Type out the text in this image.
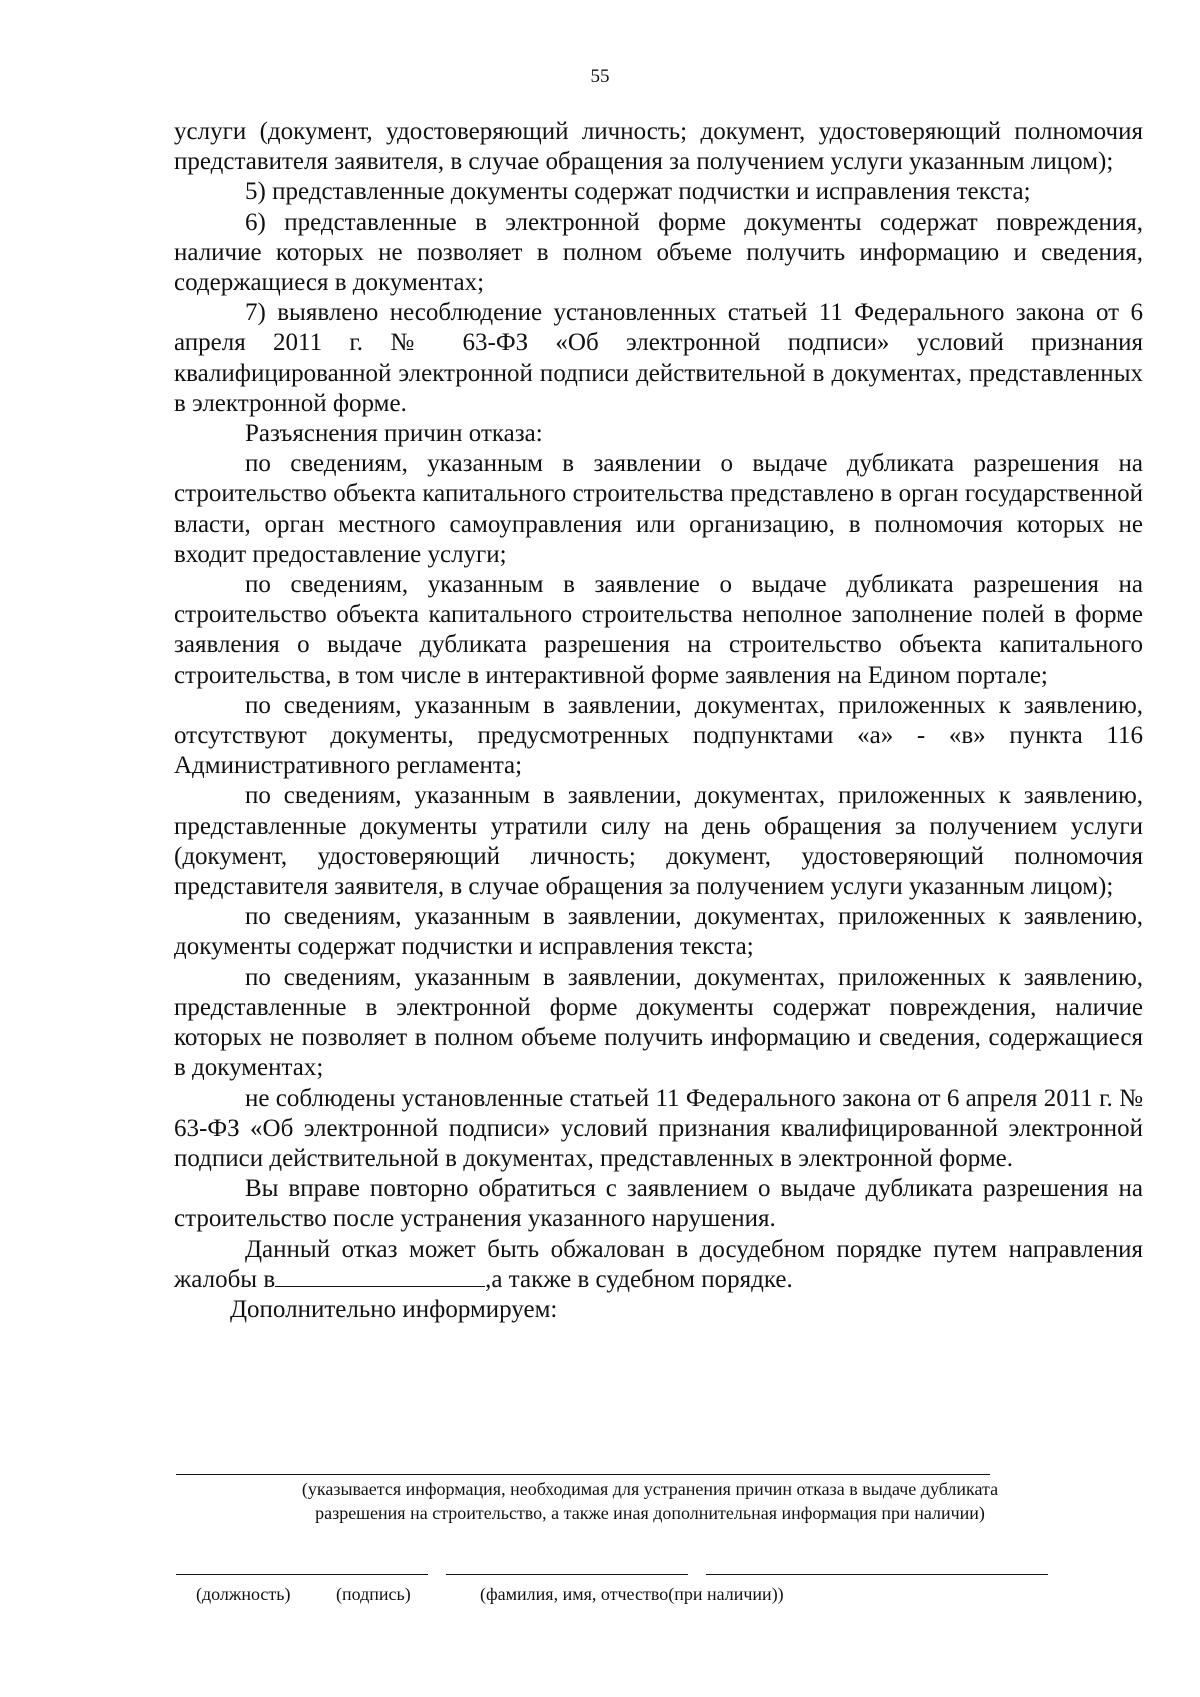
55

услуги (документ, удостоверяющий личность; документ, удостоверяющий полномочия представителя заявителя, в случае обращения за получением услуги указанным лицом);

5) представленные документы содержат подчистки и исправления текста;

6) представленные в электронной форме документы содержат повреждения, наличие которых не позволяет в полном объеме получить информацию и сведения, содержащиеся в документах;

7) выявлено несоблюдение установленных статьей 11 Федерального закона от 6 апреля 2011 г. № 63-ФЗ «Об электронной подписи» условий признания квалифицированной электронной подписи действительной в документах, представленных в электронной форме.

Разъяснения причин отказа:

по сведениям, указанным в заявлении о выдаче дубликата разрешения на строительство объекта капитального строительства представлено в орган государственной власти, орган местного самоуправления или организацию, в полномочия которых не входит предоставление услуги;

по сведениям, указанным в заявление о выдаче дубликата разрешения на строительство объекта капитального строительства неполное заполнение полей в форме заявления о выдаче дубликата разрешения на строительство объекта капитального строительства, в том числе в интерактивной форме заявления на Едином портале;

по сведениям, указанным в заявлении, документах, приложенных к заявлению, отсутствуют документы, предусмотренных подпунктами «а» - «в» пункта 116 Административного регламента;

по сведениям, указанным в заявлении, документах, приложенных к заявлению, представленные документы утратили силу на день обращения за получением услуги (документ, удостоверяющий личность; документ, удостоверяющий полномочия представителя заявителя, в случае обращения за получением услуги указанным лицом);

по сведениям, указанным в заявлении, документах, приложенных к заявлению, документы содержат подчистки и исправления текста;

по сведениям, указанным в заявлении, документах, приложенных к заявлению, представленные в электронной форме документы содержат повреждения, наличие которых не позволяет в полном объеме получить информацию и сведения, содержащиеся в документах;

не соблюдены установленные статьей 11 Федерального закона от 6 апреля 2011 г. № 63-ФЗ «Об электронной подписи» условий признания квалифицированной электронной подписи действительной в документах, представленных в электронной форме.

Вы вправе повторно обратиться с заявлением о выдаче дубликата разрешения на строительство после устранения указанного нарушения.

Данный отказ может быть обжалован в досудебном порядке путем направления жалобы в	,а также в судебном порядке.

Дополнительно информируем:

(указывается информация, необходимая для устранения причин отказа в выдаче дубликата разрешения на строительство, а также иная дополнительная информация при наличии)
(должность)	(подпись)	(фамилия, имя, отчество(при наличии))
